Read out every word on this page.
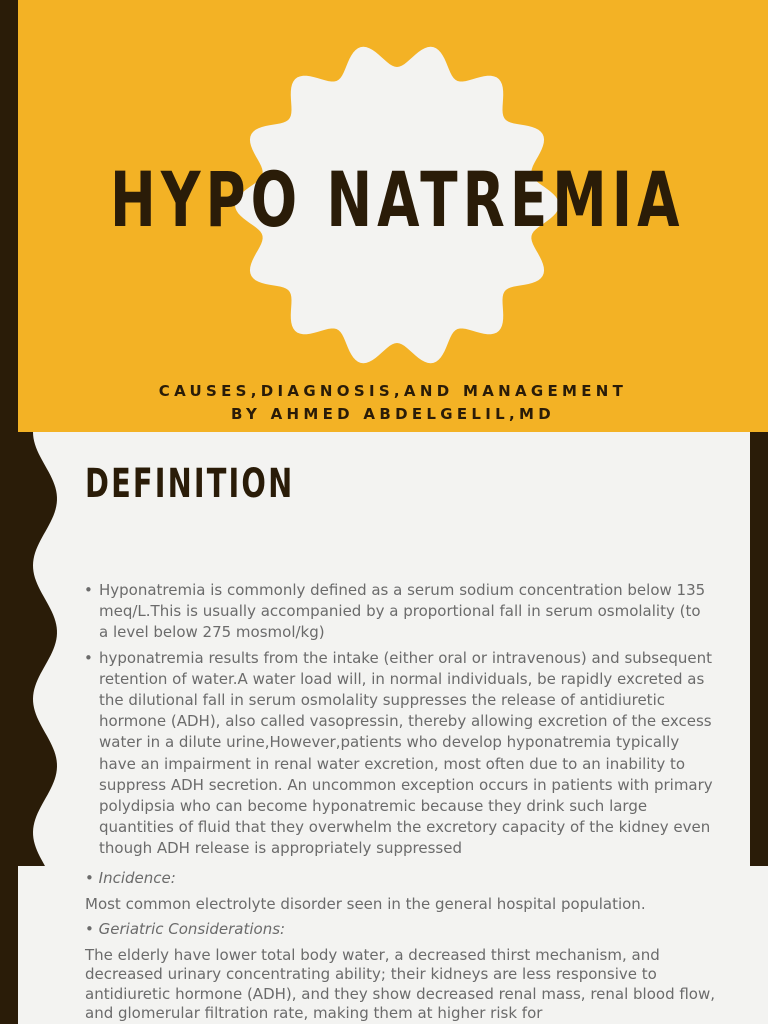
HYPO NATREMIA
CAUSES,DIAGNOSIS,AND MANAGEMENT
BY AHMED ABDELGELIL,MD
DEFINITION
• Hyponatremia is commonly defined as a serum sodium concentration below 135 meq/L.This is usually accompanied by a proportional fall in serum osmolality (to a level below 275 mosmol/kg)
• hyponatremia results from the intake (either oral or intravenous) and subsequent retention of water.A water load will, in normal individuals, be rapidly excreted as the dilutional fall in serum osmolality suppresses the release of antidiuretic hormone (ADH), also called vasopressin, thereby allowing excretion of the excess water in a dilute urine,However,patients who develop hyponatremia typically have an impairment in renal water excretion, most often due to an inability to suppress ADH secretion. An uncommon exception occurs in patients with primary polydipsia who can become hyponatremic because they drink such large quantities of fluid that they overwhelm the excretory capacity of the kidney even though ADH release is appropriately suppressed

• Incidence:

Most common electrolyte disorder seen in the general hospital population.

• Geriatric Considerations:

The elderly have lower total body water, a decreased thirst mechanism, and decreased urinary concentrating ability; their kidneys are less responsive to antidiuretic hormone (ADH), and they show decreased renal mass, renal blood flow, and glomerular filtration rate, making them at higher risk for
